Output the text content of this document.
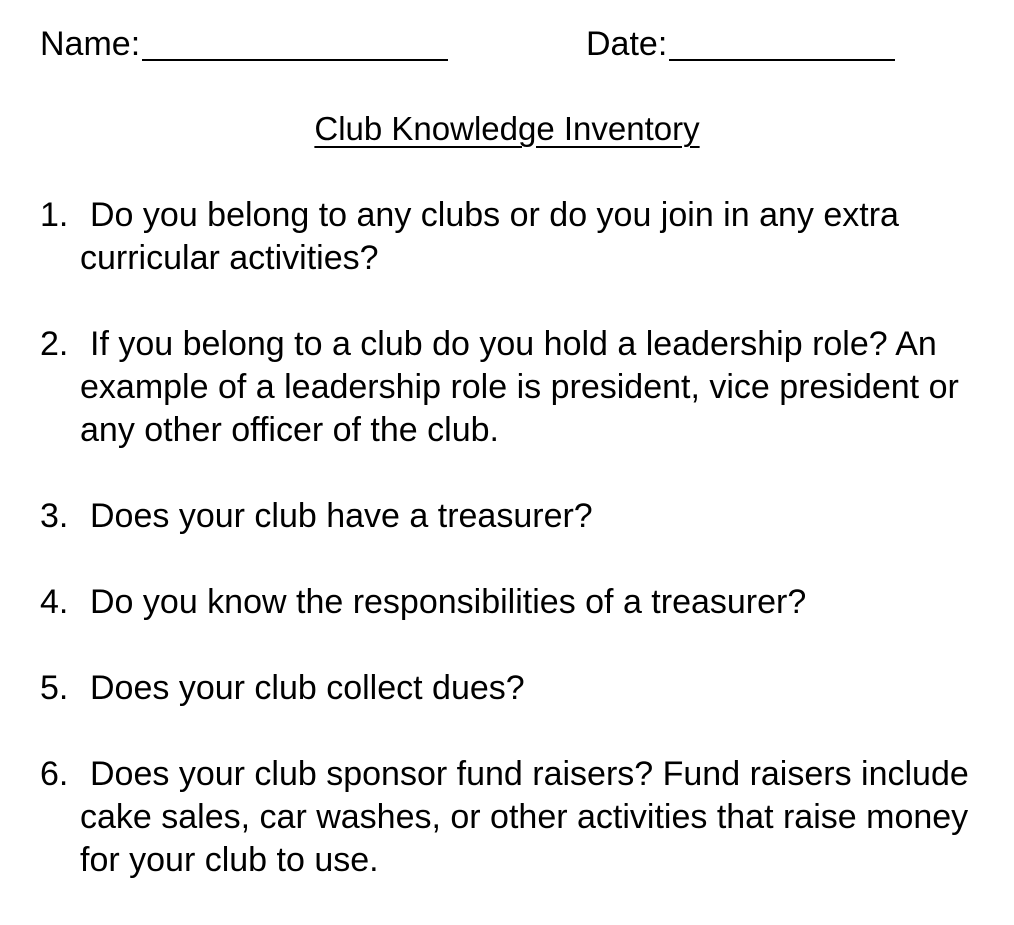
Name:	Date:
Club Knowledge Inventory
1. Do you belong to any clubs or do you join in any extra curricular activities?
2. If you belong to a club do you hold a leadership role? An example of a leadership role is president, vice president or any other officer of the club.
3. Does your club have a treasurer?
4. Do you know the responsibilities of a treasurer?
5. Does your club collect dues?
6. Does your club sponsor fund raisers? Fund raisers include cake sales, car washes, or other activities that raise money for your club to use.
